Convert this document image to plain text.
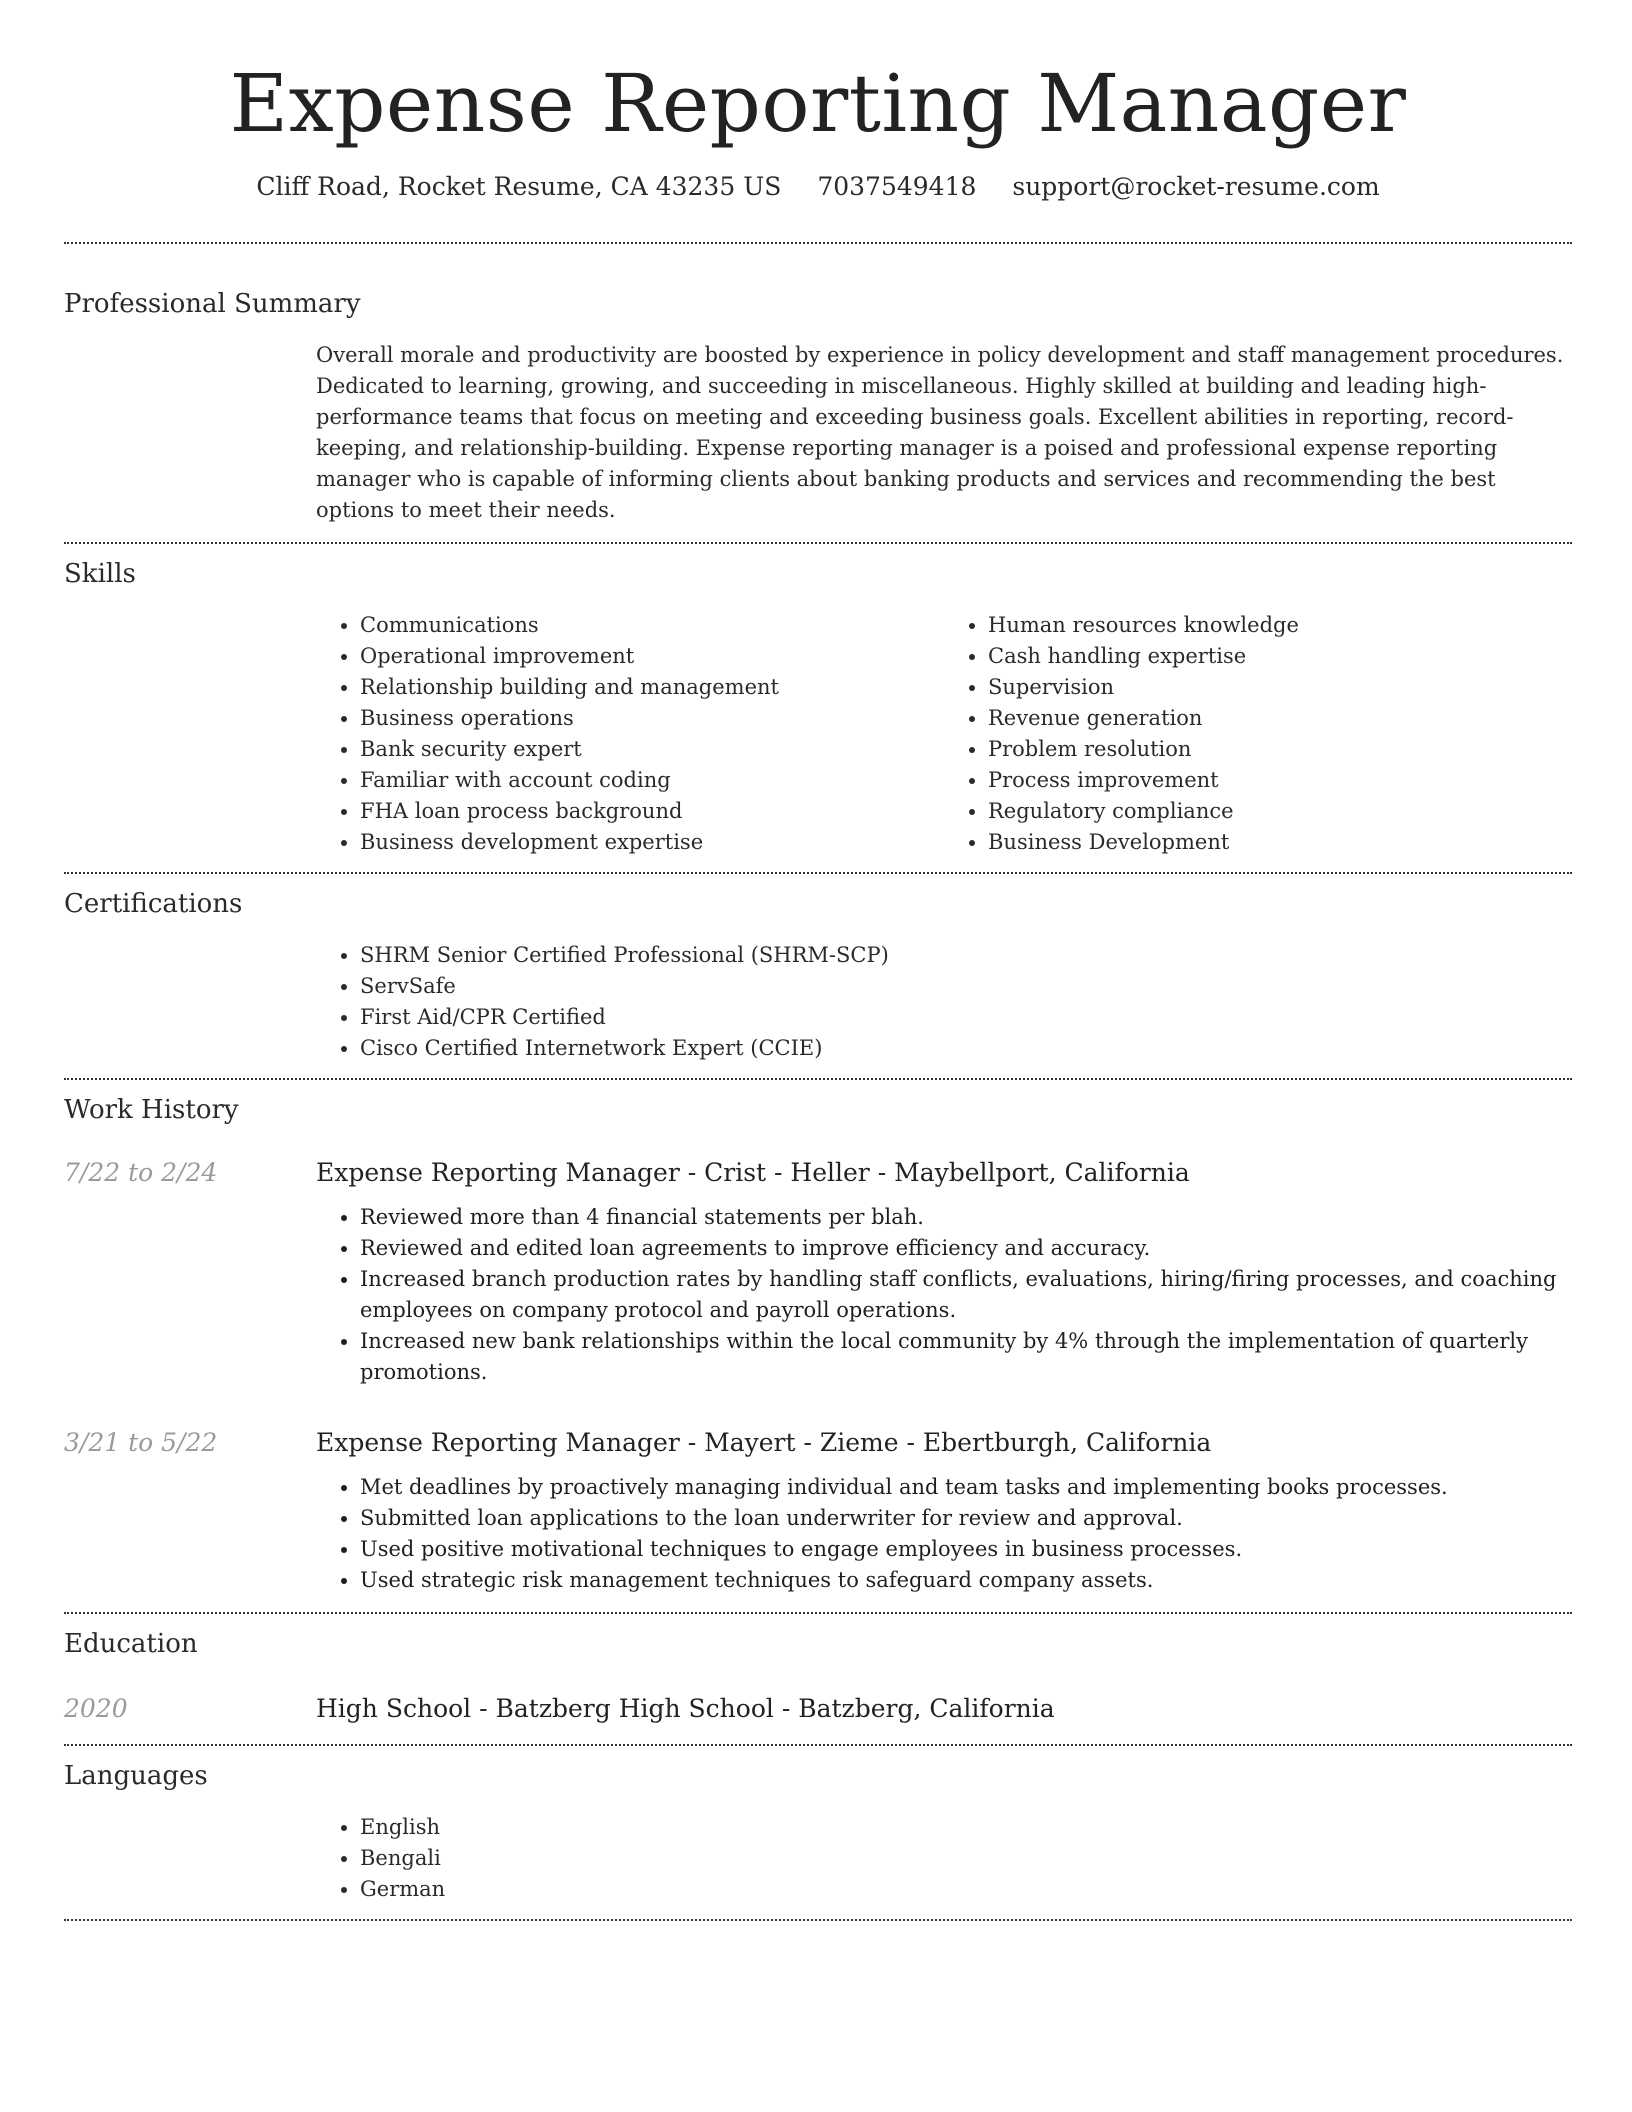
Expense Reporting Manager
Cliff Road, Rocket Resume, CA 43235 US 7037549418 support@rocket-resume.com
Professional Summary
Overall morale and productivity are boosted by experience in policy development and staff management procedures. Dedicated to learning, growing, and succeeding in miscellaneous. Highly skilled at building and leading high-performance teams that focus on meeting and exceeding business goals. Excellent abilities in reporting, record-keeping, and relationship-building. Expense reporting manager is a poised and professional expense reporting manager who is capable of informing clients about banking products and services and recommending the best options to meet their needs.
Skills
• Communications
• Operational improvement
• Relationship building and management
• Business operations
• Bank security expert
• Familiar with account coding
• FHA loan process background
• Business development expertise
• Human resources knowledge
• Cash handling expertise
• Supervision
• Revenue generation
• Problem resolution
• Process improvement
• Regulatory compliance
• Business Development
Certifications
• SHRM Senior Certified Professional (SHRM-SCP)
• ServSafe
• First Aid/CPR Certified
• Cisco Certified Internetwork Expert (CCIE)
Work History
7/22 to 2/24	Expense Reporting Manager - Crist - Heller - Maybellport, California
• Reviewed more than 4 financial statements per blah.
• Reviewed and edited loan agreements to improve efficiency and accuracy.
• Increased branch production rates by handling staff conflicts, evaluations, hiring/firing processes, and coaching employees on company protocol and payroll operations.
• Increased new bank relationships within the local community by 4% through the implementation of quarterly promotions.
3/21 to 5/22	Expense Reporting Manager - Mayert - Zieme - Ebertburgh, California
• Met deadlines by proactively managing individual and team tasks and implementing books processes.
• Submitted loan applications to the loan underwriter for review and approval.
• Used positive motivational techniques to engage employees in business processes.
• Used strategic risk management techniques to safeguard company assets.
Education
2020	High School - Batzberg High School - Batzberg, California
Languages
• English
• Bengali
• German
